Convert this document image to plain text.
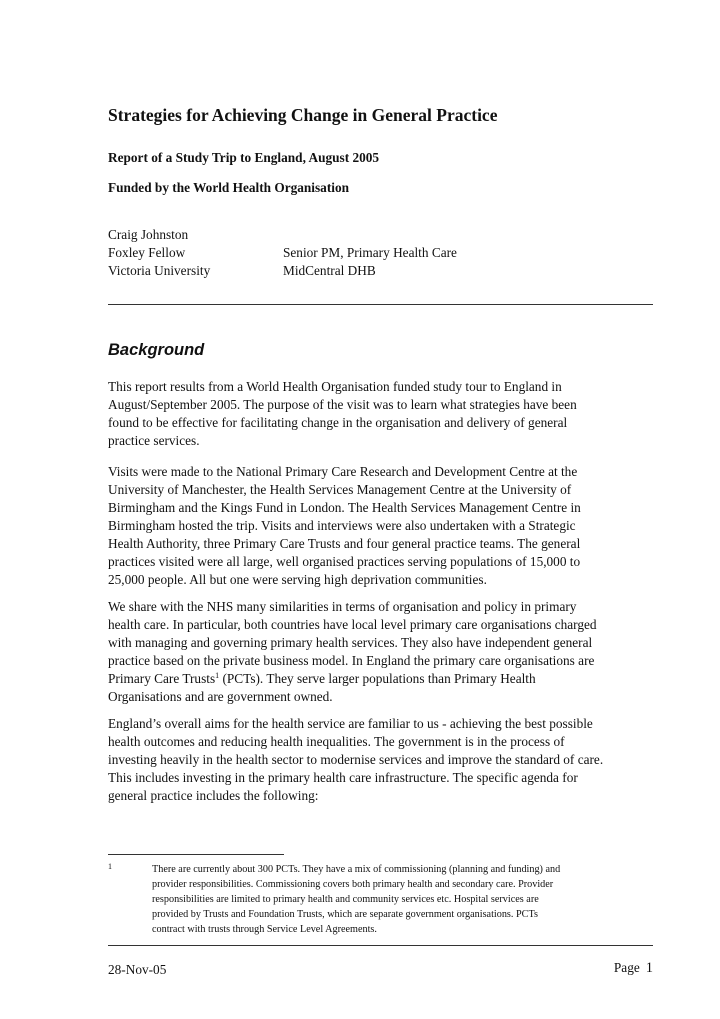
Strategies for Achieving Change in General Practice
Report of a Study Trip to England, August 2005
Funded by the World Health Organisation
Craig Johnston
Foxley Fellow	Senior PM, Primary Health Care
Victoria University	MidCentral DHB
Background
This report results from a World Health Organisation funded study tour to England in
August/September 2005. The purpose of the visit was to learn what strategies have been
found to be effective for facilitating change in the organisation and delivery of general
practice services.
Visits were made to the National Primary Care Research and Development Centre at the
University of Manchester, the Health Services Management Centre at the University of
Birmingham and the Kings Fund in London. The Health Services Management Centre in
Birmingham hosted the trip. Visits and interviews were also undertaken with a Strategic
Health Authority, three Primary Care Trusts and four general practice teams. The general
practices visited were all large, well organised practices serving populations of 15,000 to
25,000 people. All but one were serving high deprivation communities.
We share with the NHS many similarities in terms of organisation and policy in primary
health care. In particular, both countries have local level primary care organisations charged
with managing and governing primary health services. They also have independent general
practice based on the private business model. In England the primary care organisations are
Primary Care Trusts$^1$ (PCTs). They serve larger populations than Primary Health
Organisations and are government owned.
England’s overall aims for the health service are familiar to us - achieving the best possible
health outcomes and reducing health inequalities. The government is in the process of
investing heavily in the health sector to modernise services and improve the standard of care.
This includes investing in the primary health care infrastructure. The specific agenda for
general practice includes the following:
1	There are currently about 300 PCTs. They have a mix of commissioning (planning and funding) and
provider responsibilities. Commissioning covers both primary health and secondary care. Provider
responsibilities are limited to primary health and community services etc. Hospital services are
provided by Trusts and Foundation Trusts, which are separate government organisations. PCTs
contract with trusts through Service Level Agreements.
28-Nov-05	Page 1
